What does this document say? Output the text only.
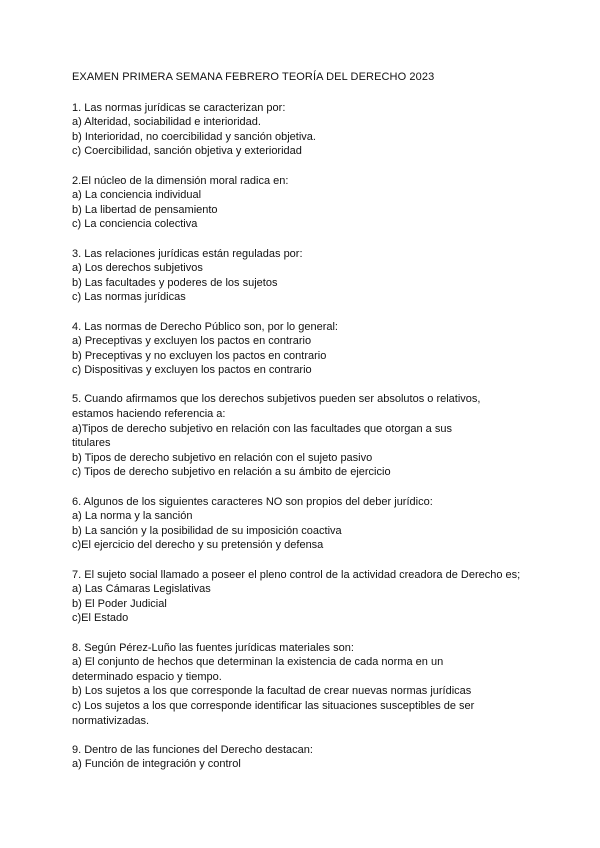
EXAMEN PRIMERA SEMANA FEBRERO TEORÍA DEL DERECHO 2023
1. Las normas jurídicas se caracterizan por:
a) Alteridad, sociabilidad e interioridad.
b) Interioridad, no coercibilidad y sanción objetiva.
c) Coercibilidad, sanción objetiva y exterioridad
2.El núcleo de la dimensión moral radica en:
a) La conciencia individual
b) La libertad de pensamiento
c) La conciencia colectiva
3. Las relaciones jurídicas están reguladas por:
a) Los derechos subjetivos
b) Las facultades y poderes de los sujetos
c) Las normas jurídicas
4. Las normas de Derecho Público son, por lo general:
a) Preceptivas y excluyen los pactos en contrario
b) Preceptivas y no excluyen los pactos en contrario
c) Dispositivas y excluyen los pactos en contrario
5. Cuando afirmamos que los derechos subjetivos pueden ser absolutos o relativos,
estamos haciendo referencia a:
a)Tipos de derecho subjetivo en relación con las facultades que otorgan a sus
titulares
b) Tipos de derecho subjetivo en relación con el sujeto pasivo
c) Tipos de derecho subjetivo en relación a su ámbito de ejercicio
6. Algunos de los siguientes caracteres NO son propios del deber jurídico:
a) La norma y la sanción
b) La sanción y la posibilidad de su imposición coactiva
c)El ejercicio del derecho y su pretensión y defensa
7. El sujeto social llamado a poseer el pleno control de la actividad creadora de Derecho es;
a) Las Cámaras Legislativas
b) El Poder Judicial
c)El Estado
8. Según Pérez-Luño las fuentes jurídicas materiales son:
a) El conjunto de hechos que determinan la existencia de cada norma en un
determinado espacio y tiempo.
b) Los sujetos a los que corresponde la facultad de crear nuevas normas jurídicas
c) Los sujetos a los que corresponde identificar las situaciones susceptibles de ser
normativizadas.
9. Dentro de las funciones del Derecho destacan:
a) Función de integración y control
